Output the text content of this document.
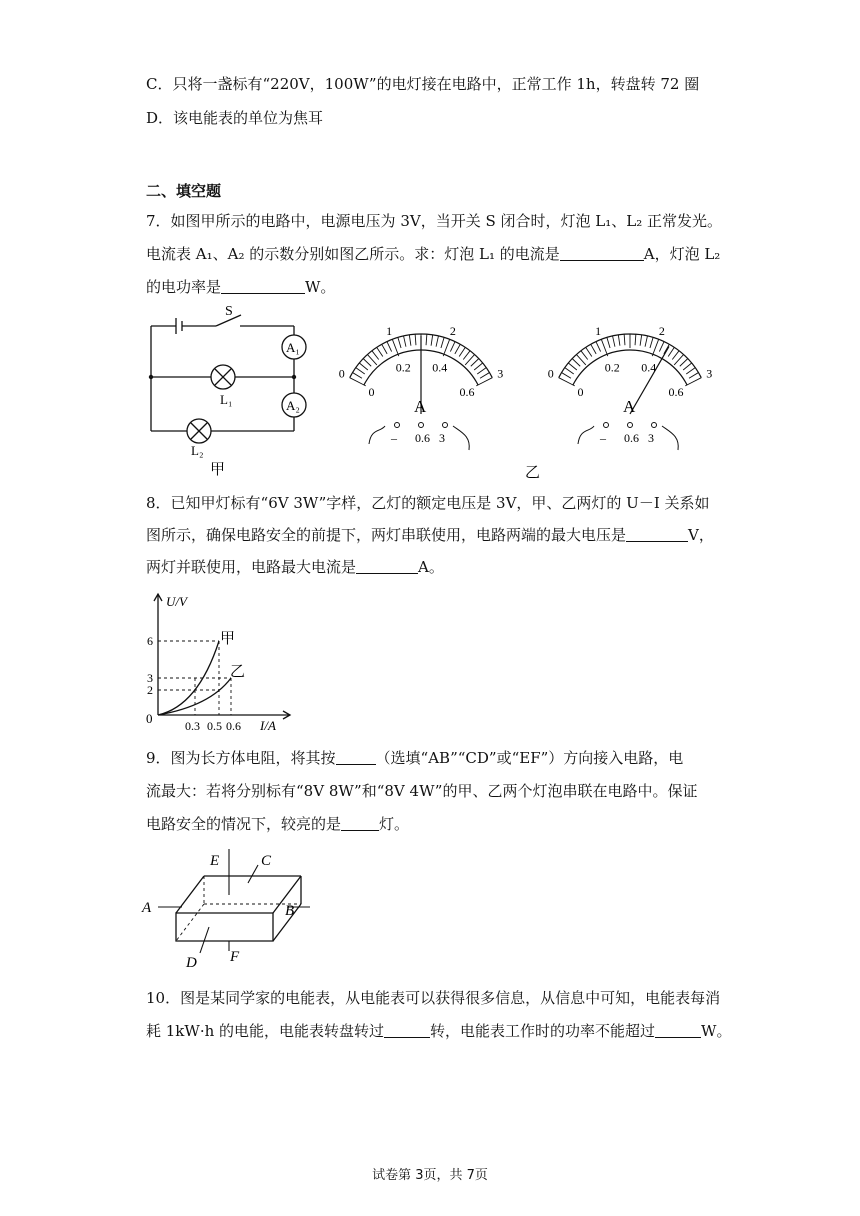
C．只将一盏标有“220V，100W”的电灯接在电路中，正常工作 1h，转盘转 72 圈
D．该电能表的单位为焦耳
二、填空题
7．如图甲所示的电路中，电源电压为 3V，当开关 S 闭合时，灯泡 L₁、L₂ 正常发光。
电流表 A₁、A₂ 的示数分别如图乙所示。求：灯泡 L₁ 的电流是	A，灯泡 L₂
的电功率是	W。
S
A₁
A₂
L₁
L₂
甲
0
1	2
3
0
0.2 0.4
0.6
A
– 0.6 3
0
1	2
3
0
0.2 0.4
0.6
A
– 0.6 3
乙
8．已知甲灯标有“6V 3W”字样，乙灯的额定电压是 3V，甲、乙两灯的 U－I 关系如
图所示，确保电路安全的前提下，两灯串联使用，电路两端的最大电压是	V，
两灯并联使用，电路最大电流是	A。
U/V
I/A
0
6
3
2
0.3 0.5 0.6
甲
乙
9．图为长方体电阻，将其按	（选填“AB”“CD”或“EF”）方向接入电路，电
流最大：若将分别标有“8V 8W”和“8V 4W”的甲、乙两个灯泡串联在电路中。保证
电路安全的情况下，较亮的是	灯。
E	C
A	B
D F
10．图是某同学家的电能表，从电能表可以获得很多信息，从信息中可知，电能表每消
耗 1kW·h 的电能，电能表转盘转过	转，电能表工作时的功率不能超过	W。
试卷第 3页，共 7页
